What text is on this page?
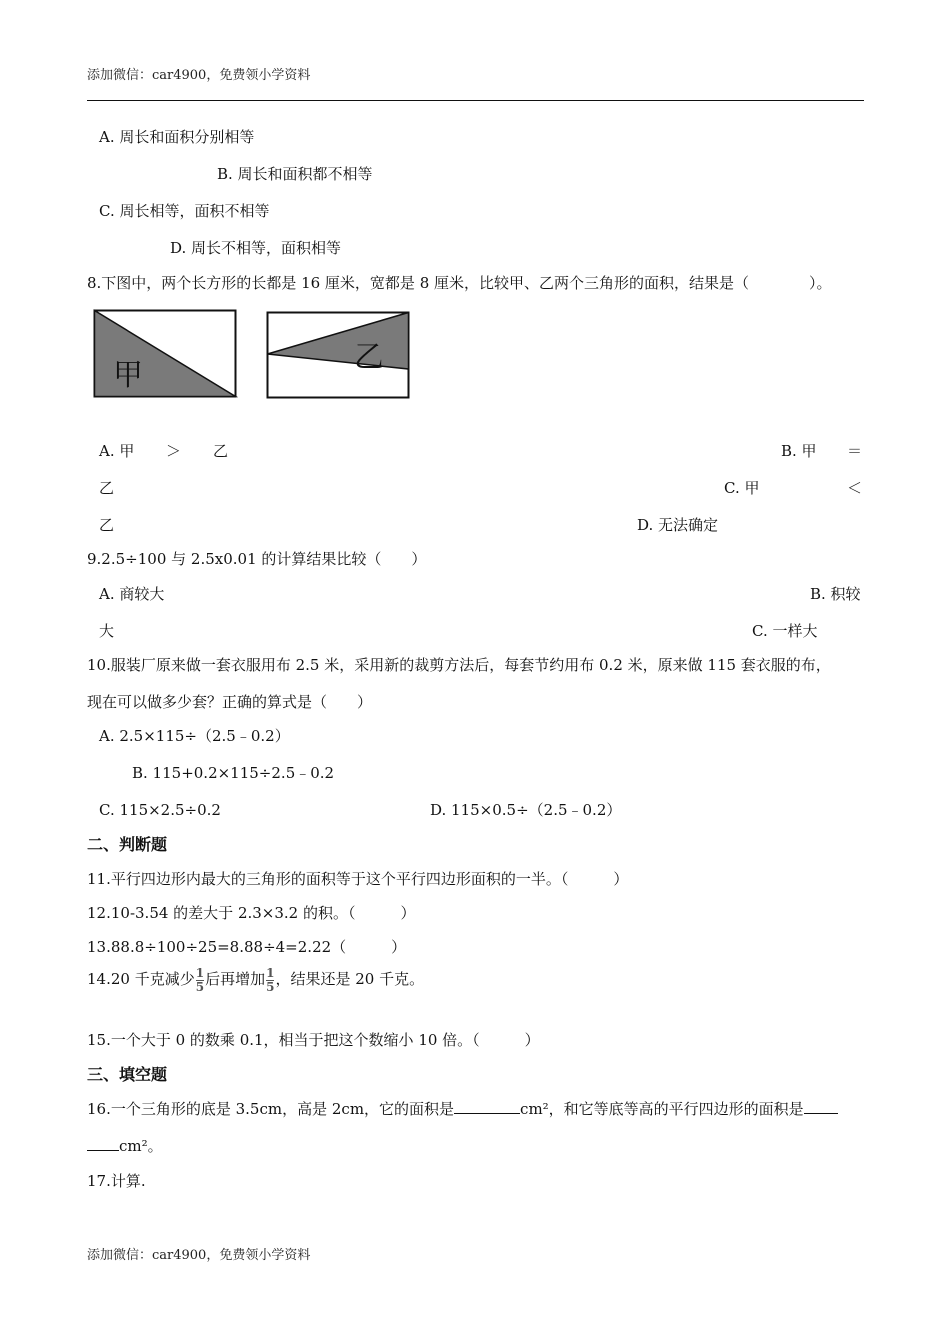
添加微信：car4900，免费领小学资料
A. 周长和面积分别相等
B. 周长和面积都不相等
C. 周长相等，面积不相等
D. 周长不相等，面积相等
8.下图中，两个长方形的长都是 16 厘米，宽都是 8 厘米，比较甲、乙两个三角形的面积，结果是（　　　　）。
甲
乙
A. 甲 ＞ 乙	B. 甲 ＝
乙	C. 甲	＜
乙	D. 无法确定
9.2.5÷100 与 2.5x0.01 的计算结果比较（　　）
A. 商较大	B. 积较
大	C. 一样大
10.服装厂原来做一套衣服用布 2.5 米，采用新的裁剪方法后，每套节约用布 0.2 米，原来做 115 套衣服的布，
现在可以做多少套？正确的算式是（　　）
A. 2.5×115÷（2.5﹣0.2）
B. 115+0.2×115÷2.5﹣0.2
C. 115×2.5÷0.2	D. 115×0.5÷（2.5﹣0.2）
二、判断题
11.平行四边形内最大的三角形的面积等于这个平行四边形面积的一半。（　　　）
12.10-3.54 的差大于 2.3×3.2 的积。（　　　）
13.88.8÷100÷25=8.88÷4=2.22（　　　）
14.20 千克减少$\frac{1}{5}$后再增加$\frac{1}{5}$，结果还是 20 千克。
15.一个大于 0 的数乘 0.1，相当于把这个数缩小 10 倍。（　　　）
三、填空题
16.一个三角形的底是 3.5cm，高是 2cm，它的面积是	cm²，和它等底等高的平行四边形的面积是
cm²。
17.计算.
添加微信：car4900，免费领小学资料
